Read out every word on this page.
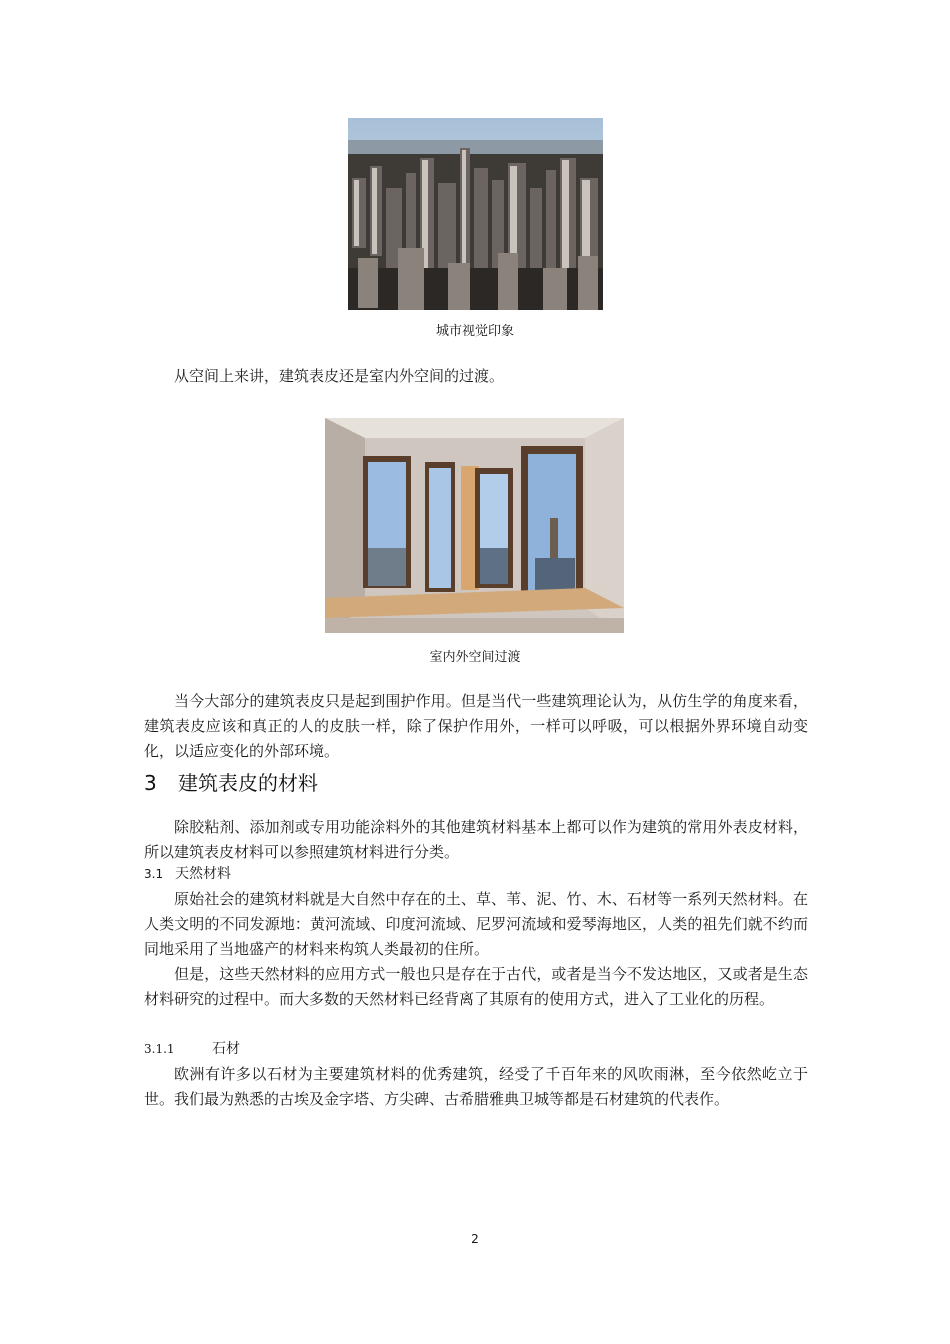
城市视觉印象

从空间上来讲，建筑表皮还是室内外空间的过渡。

室内外空间过渡

当今大部分的建筑表皮只是起到围护作用。但是当代一些建筑理论认为，从仿生学的角度来看，建筑表皮应该和真正的人的皮肤一样，除了保护作用外，一样可以呼吸，可以根据外界环境自动变化，以适应变化的外部环境。

3 建筑表皮的材料

除胶粘剂、添加剂或专用功能涂料外的其他建筑材料基本上都可以作为建筑的常用外表皮材料，所以建筑表皮材料可以参照建筑材料进行分类。

3.1 天然材料

原始社会的建筑材料就是大自然中存在的土、草、苇、泥、竹、木、石材等一系列天然材料。在人类文明的不同发源地：黄河流域、印度河流域、尼罗河流域和爱琴海地区，人类的祖先们就不约而同地采用了当地盛产的材料来构筑人类最初的住所。

但是，这些天然材料的应用方式一般也只是存在于古代，或者是当今不发达地区，又或者是生态材料研究的过程中。而大多数的天然材料已经背离了其原有的使用方式，进入了工业化的历程。

3.1.1	石材

欧洲有许多以石材为主要建筑材料的优秀建筑，经受了千百年来的风吹雨淋，至今依然屹立于世。我们最为熟悉的古埃及金字塔、方尖碑、古希腊雅典卫城等都是石材建筑的代表作。

2
